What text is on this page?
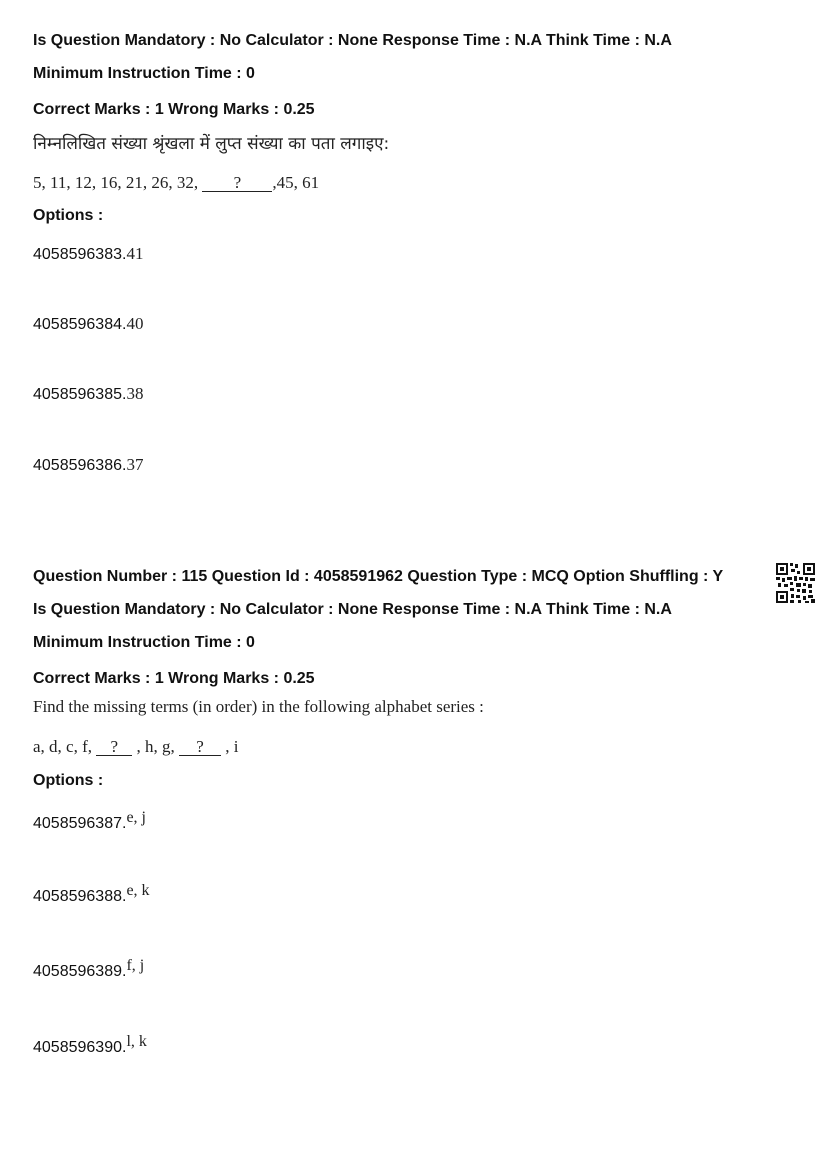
Is Question Mandatory : No Calculator : None Response Time : N.A Think Time : N.A
Minimum Instruction Time : 0
Correct Marks : 1 Wrong Marks : 0.25
निम्नलिखित संख्या श्रृंखला में लुप्त संख्या का पता लगाइए:
5, 11, 12, 16, 21, 26, 32, ? ,45, 61
Options :
4058596383.41
4058596384.40
4058596385.38
4058596386.37
Question Number : 115 Question Id : 4058591962 Question Type : MCQ Option Shuffling : Y
Is Question Mandatory : No Calculator : None Response Time : N.A Think Time : N.A
Minimum Instruction Time : 0
Correct Marks : 1 Wrong Marks : 0.25
Find the missing terms (in order) in the following alphabet series :
a, d, c, f, ? , h, g, ? , i
Options :
4058596387.e, j
4058596388.e, k
4058596389.f, j
4058596390.l, k
